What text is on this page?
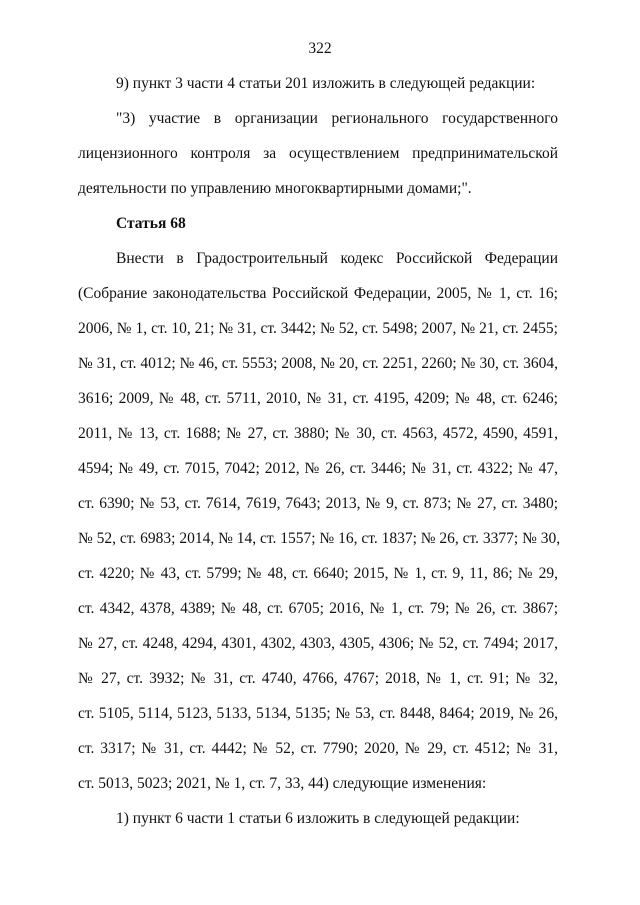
322
9) пункт 3 части 4 статьи 201 изложить в следующей редакции:
"3) участие в организации регионального государственного
лицензионного контроля за осуществлением предпринимательской
деятельности по управлению многоквартирными домами;".
Статья 68
Внести в Градостроительный кодекс Российской Федерации
(Собрание законодательства Российской Федерации, 2005, № 1, ст. 16;
2006, № 1, ст. 10, 21; № 31, ст. 3442; № 52, ст. 5498; 2007, № 21, ст. 2455;
№ 31, ст. 4012; № 46, ст. 5553; 2008, № 20, ст. 2251, 2260; № 30, ст. 3604,
3616; 2009, № 48, ст. 5711, 2010, № 31, ст. 4195, 4209; № 48, ст. 6246;
2011, № 13, ст. 1688; № 27, ст. 3880; № 30, ст. 4563, 4572, 4590, 4591,
4594; № 49, ст. 7015, 7042; 2012, № 26, ст. 3446; № 31, ст. 4322; № 47,
ст. 6390; № 53, ст. 7614, 7619, 7643; 2013, № 9, ст. 873; № 27, ст. 3480;
№ 52, ст. 6983; 2014, № 14, ст. 1557; № 16, ст. 1837; № 26, ст. 3377; № 30,
ст. 4220; № 43, ст. 5799; № 48, ст. 6640; 2015, № 1, ст. 9, 11, 86; № 29,
ст. 4342, 4378, 4389; № 48, ст. 6705; 2016, № 1, ст. 79; № 26, ст. 3867;
№ 27, ст. 4248, 4294, 4301, 4302, 4303, 4305, 4306; № 52, ст. 7494; 2017,
№ 27, ст. 3932; № 31, ст. 4740, 4766, 4767; 2018, № 1, ст. 91; № 32,
ст. 5105, 5114, 5123, 5133, 5134, 5135; № 53, ст. 8448, 8464; 2019, № 26,
ст. 3317; № 31, ст. 4442; № 52, ст. 7790; 2020, № 29, ст. 4512; № 31,
ст. 5013, 5023; 2021, № 1, ст. 7, 33, 44) следующие изменения:
1) пункт 6 части 1 статьи 6 изложить в следующей редакции:
